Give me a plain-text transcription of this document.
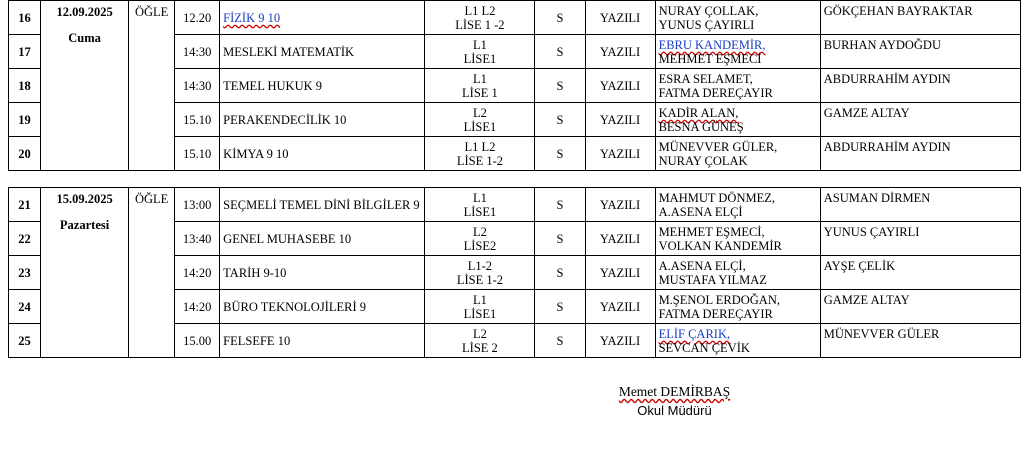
16	12.09.2025
Cuma
	ÖĞLE	12.20	FİZİK 9 10	L1 L2
LİSE 1 -2	S	YAZILI	NURAY ÇOLLAK,
YUNUS ÇAYIRLI
	GÖKÇEHAN BAYRAKTAR
17	14:30	MESLEKİ MATEMATİK	L1
LİSE1	S	YAZILI	EBRU KANDEMİR,
MEHMET EŞMECİ
	BURHAN AYDOĞDU
18	14:30	TEMEL HUKUK 9	L1
LİSE 1	S	YAZILI	ESRA SELAMET,
FATMA DEREÇAYIR
	ABDURRAHİM AYDIN
19	15.10	PERAKENDECİLİK 10	L2
LİSE1	S	YAZILI	KADİR ALAN,
BESNA GÜNEŞ
	GAMZE ALTAY
20	15.10	KİMYA 9 10	L1 L2
LİSE 1-2	S	YAZILI	MÜNEVVER GÜLER,
NURAY ÇOLAK
	ABDURRAHİM AYDIN
21	15.09.2025
Pazartesi
	ÖĞLE	13:00	SEÇMELİ TEMEL DİNİ BİLGİLER 9	L1
LİSE1	S	YAZILI	MAHMUT DÖNMEZ,
A.ASENA ELÇİ
	ASUMAN DİRMEN
22	13:40	GENEL MUHASEBE 10	L2
LİSE2	S	YAZILI	MEHMET EŞMECİ,
VOLKAN KANDEMİR
	YUNUS ÇAYIRLI
23	14:20	TARİH 9-10	L1-2
LİSE 1-2	S	YAZILI	A.ASENA ELÇİ,
MUSTAFA YILMAZ
	AYŞE ÇELİK
24	14:20	BÜRO TEKNOLOJİLERİ 9	L1
LİSE1	S	YAZILI	M.ŞENOL ERDOĞAN,
FATMA DEREÇAYIR
	GAMZE ALTAY
25	15.00	FELSEFE 10	L2
LİSE 2	S	YAZILI	ELİF ÇARIK,
SEVCAN ÇEVİK
	MÜNEVVER GÜLER
Memet DEMİRBAŞ
Okul Müdürü
